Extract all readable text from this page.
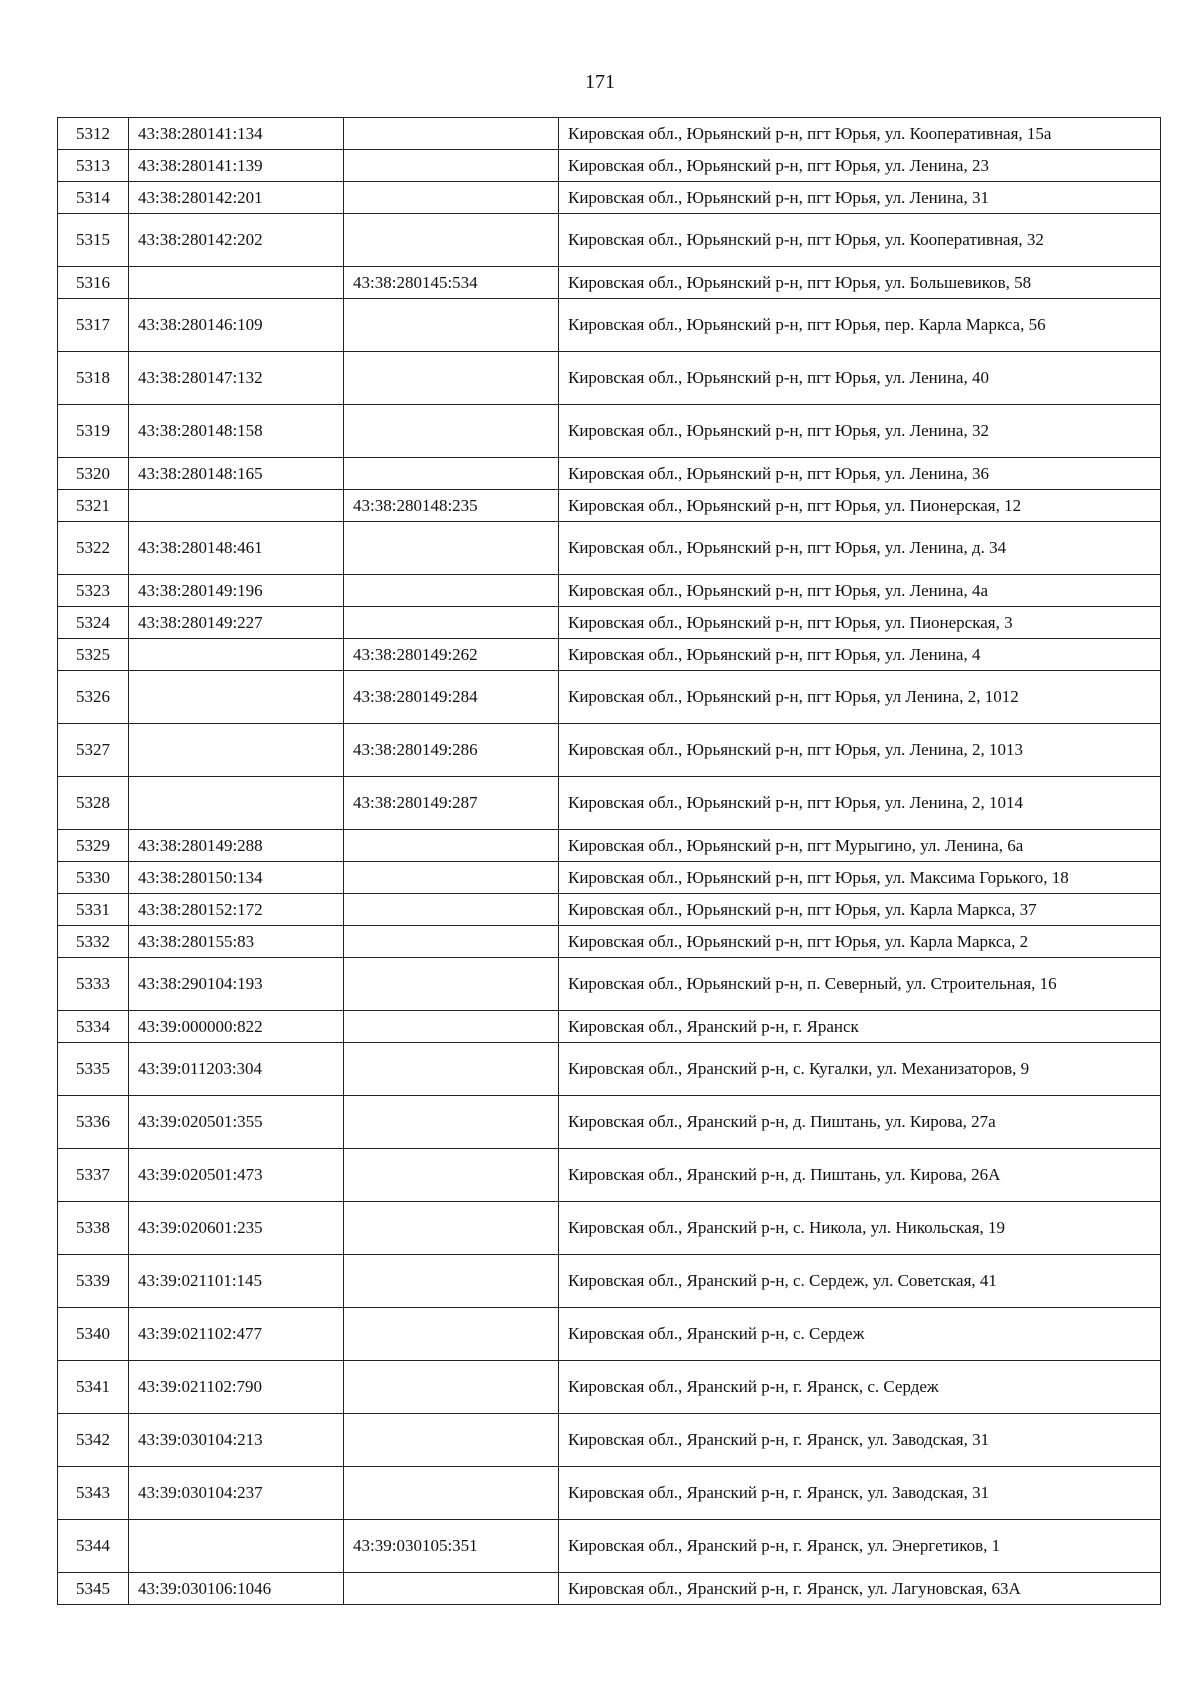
171
5312	43:38:280141:134		Кировская обл., Юрьянский р-н, пгт Юрья, ул. Кооперативная, 15а
5313	43:38:280141:139		Кировская обл., Юрьянский р-н, пгт Юрья, ул. Ленина, 23
5314	43:38:280142:201		Кировская обл., Юрьянский р-н, пгт Юрья, ул. Ленина, 31
5315	43:38:280142:202		Кировская обл., Юрьянский р-н, пгт Юрья, ул. Кооперативная, 32
5316		43:38:280145:534	Кировская обл., Юрьянский р-н, пгт Юрья, ул. Большевиков, 58
5317	43:38:280146:109		Кировская обл., Юрьянский р-н, пгт Юрья, пер. Карла Маркса, 56
5318	43:38:280147:132		Кировская обл., Юрьянский р-н, пгт Юрья, ул. Ленина, 40
5319	43:38:280148:158		Кировская обл., Юрьянский р-н, пгт Юрья, ул. Ленина, 32
5320	43:38:280148:165		Кировская обл., Юрьянский р-н, пгт Юрья, ул. Ленина, 36
5321		43:38:280148:235	Кировская обл., Юрьянский р-н, пгт Юрья, ул. Пионерская, 12
5322	43:38:280148:461		Кировская обл., Юрьянский р-н, пгт Юрья, ул. Ленина, д. 34
5323	43:38:280149:196		Кировская обл., Юрьянский р-н, пгт Юрья, ул. Ленина, 4а
5324	43:38:280149:227		Кировская обл., Юрьянский р-н, пгт Юрья, ул. Пионерская, 3
5325		43:38:280149:262	Кировская обл., Юрьянский р-н, пгт Юрья, ул. Ленина, 4
5326		43:38:280149:284	Кировская обл., Юрьянский р-н, пгт Юрья, ул Ленина, 2, 1012
5327		43:38:280149:286	Кировская обл., Юрьянский р-н, пгт Юрья, ул. Ленина, 2, 1013
5328		43:38:280149:287	Кировская обл., Юрьянский р-н, пгт Юрья, ул. Ленина, 2, 1014
5329	43:38:280149:288		Кировская обл., Юрьянский р-н, пгт Мурыгино, ул. Ленина, 6а
5330	43:38:280150:134		Кировская обл., Юрьянский р-н, пгт Юрья, ул. Максима Горького, 18
5331	43:38:280152:172		Кировская обл., Юрьянский р-н, пгт Юрья, ул. Карла Маркса, 37
5332	43:38:280155:83		Кировская обл., Юрьянский р-н, пгт Юрья, ул. Карла Маркса, 2
5333	43:38:290104:193		Кировская обл., Юрьянский р-н, п. Северный, ул. Строительная, 16
5334	43:39:000000:822		Кировская обл., Яранский р-н, г. Яранск
5335	43:39:011203:304		Кировская обл., Яранский р-н, с. Кугалки, ул. Механизаторов, 9
5336	43:39:020501:355		Кировская обл., Яранский р-н, д. Пиштань, ул. Кирова, 27а
5337	43:39:020501:473		Кировская обл., Яранский р-н, д. Пиштань, ул. Кирова, 26А
5338	43:39:020601:235		Кировская обл., Яранский р-н, с. Никола, ул. Никольская, 19
5339	43:39:021101:145		Кировская обл., Яранский р-н, с. Сердеж, ул. Советская, 41
5340	43:39:021102:477		Кировская обл., Яранский р-н, с. Сердеж
5341	43:39:021102:790		Кировская обл., Яранский р-н, г. Яранск, с. Сердеж
5342	43:39:030104:213		Кировская обл., Яранский р-н, г. Яранск, ул. Заводская, 31
5343	43:39:030104:237		Кировская обл., Яранский р-н, г. Яранск, ул. Заводская, 31
5344		43:39:030105:351	Кировская обл., Яранский р-н, г. Яранск, ул. Энергетиков, 1
5345	43:39:030106:1046		Кировская обл., Яранский р-н, г. Яранск, ул. Лагуновская, 63А
